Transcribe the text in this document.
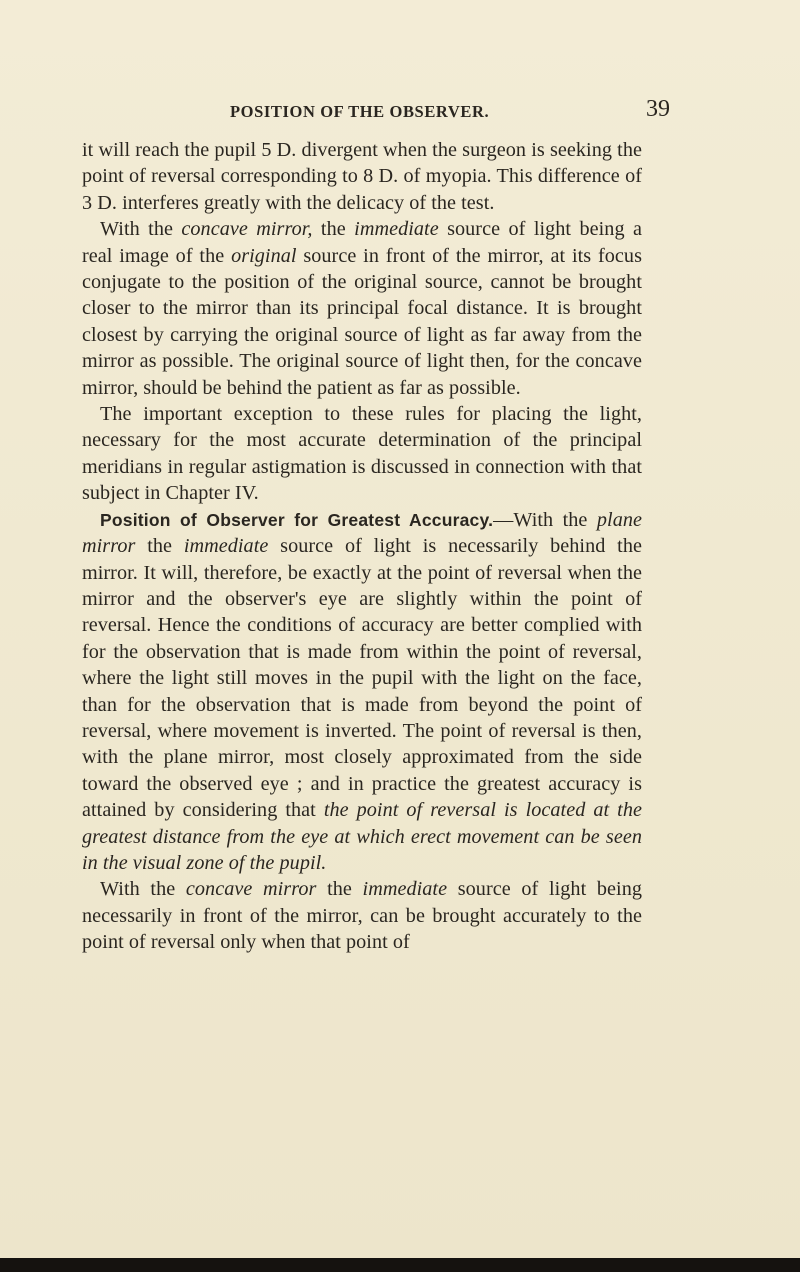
POSITION OF THE OBSERVER.	39

it will reach the pupil 5 D. divergent when the surgeon is seeking the point of reversal corresponding to 8 D. of myopia. This difference of 3 D. interferes greatly with the delicacy of the test.

With the concave mirror, the immediate source of light being a real image of the original source in front of the mirror, at its focus conjugate to the position of the original source, cannot be brought closer to the mirror than its principal focal distance. It is brought closest by carrying the original source of light as far away from the mirror as possible. The original source of light then, for the concave mirror, should be behind the patient as far as possible.

The important exception to these rules for placing the light, necessary for the most accurate determination of the principal meridians in regular astigmation is discussed in connection with that subject in Chapter IV.

Position of Observer for Greatest Accuracy.—With the plane mirror the immediate source of light is necessarily behind the mirror. It will, therefore, be exactly at the point of reversal when the mirror and the observer's eye are slightly within the point of reversal. Hence the conditions of accuracy are better complied with for the observation that is made from within the point of reversal, where the light still moves in the pupil with the light on the face, than for the observation that is made from beyond the point of reversal, where movement is inverted. The point of reversal is then, with the plane mirror, most closely approximated from the side toward the observed eye ; and in practice the greatest accuracy is attained by considering that the point of reversal is located at the greatest distance from the eye at which erect movement can be seen in the visual zone of the pupil.

With the concave mirror the immediate source of light being necessarily in front of the mirror, can be brought accurately to the point of reversal only when that point of
